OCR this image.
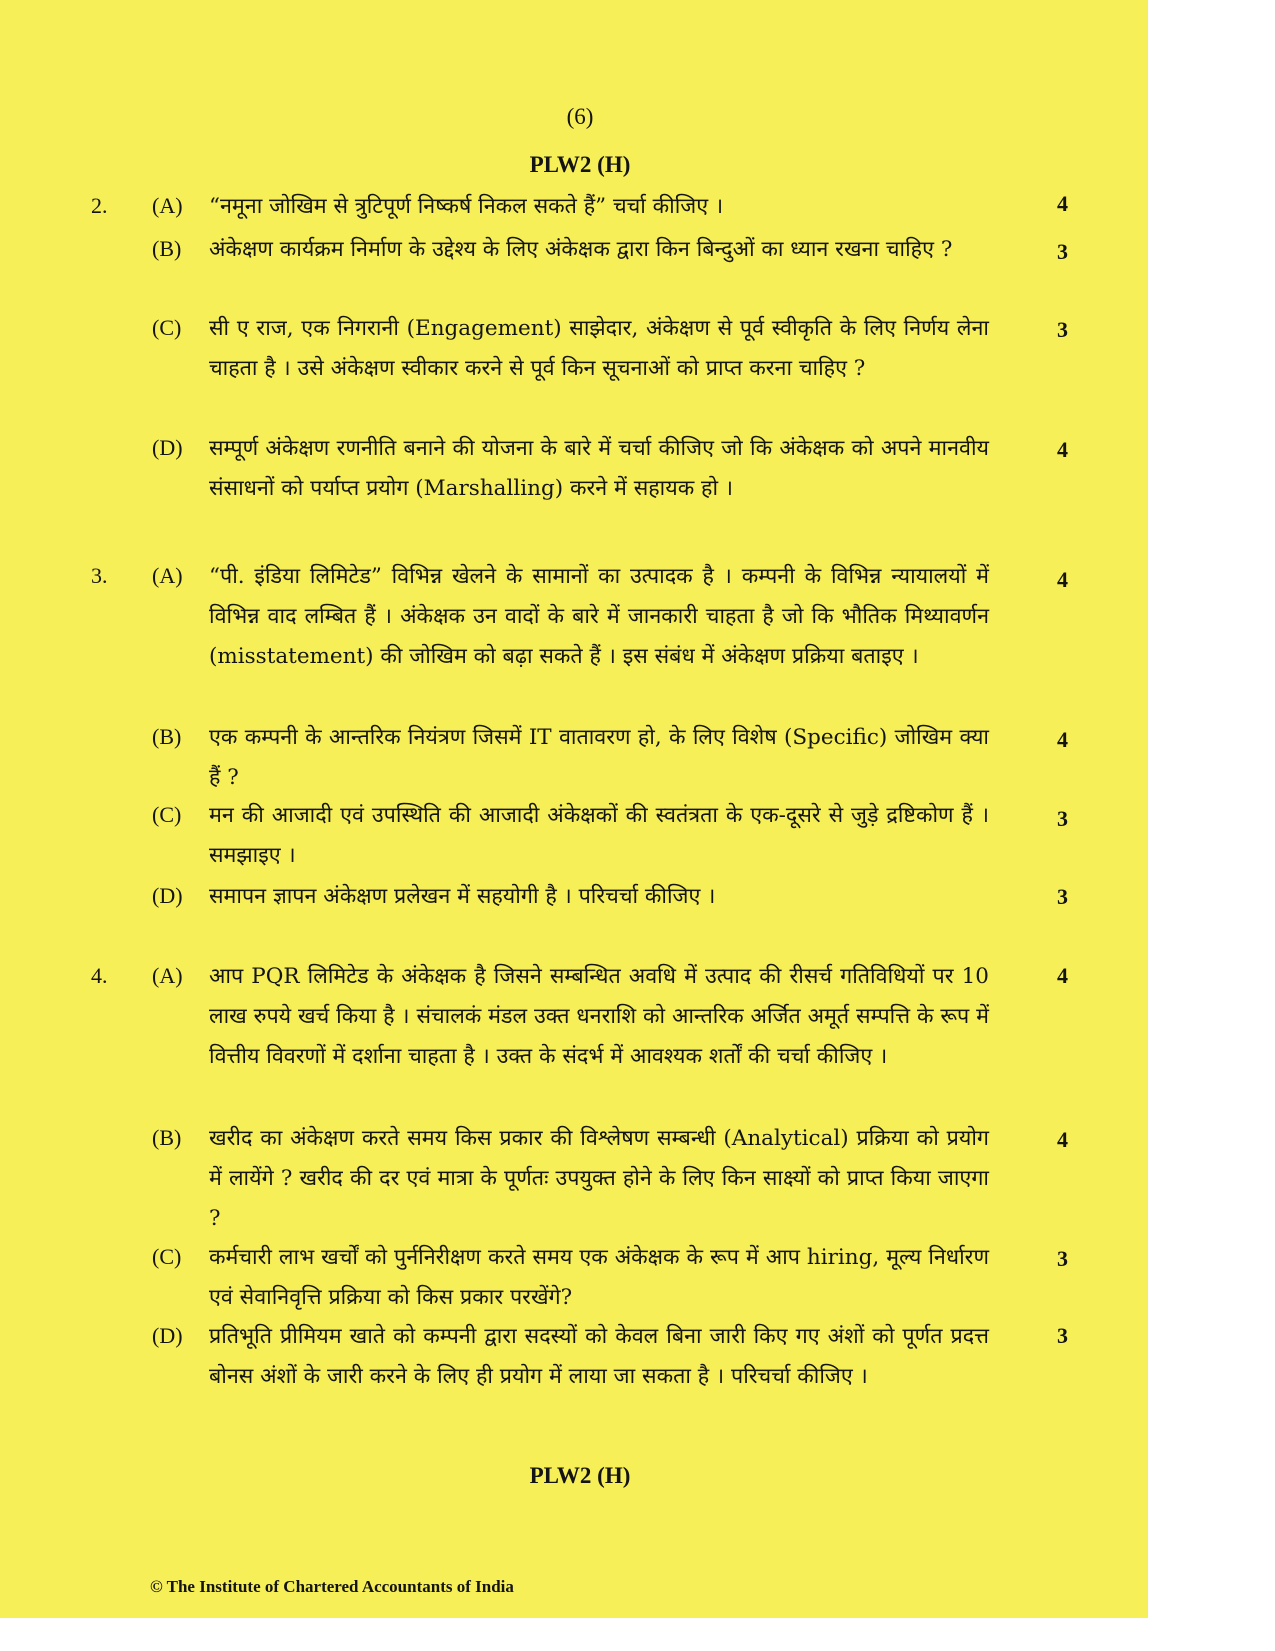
(6)
PLW2 (H)
2. (A) “नमूना जोखिम से त्रुटिपूर्ण निष्कर्ष निकल सकते हैं” चर्चा कीजिए ।	4
(B) अंकेक्षण कार्यक्रम निर्माण के उद्देश्य के लिए अंकेक्षक द्वारा किन बिन्दुओं का ध्यान रखना चाहिए ?	3
(C) सी ए राज, एक निगरानी (Engagement) साझेदार, अंकेक्षण से पूर्व स्वीकृति के लिए निर्णय लेना चाहता है । उसे अंकेक्षण स्वीकार करने से पूर्व किन सूचनाओं को प्राप्त करना चाहिए ?
3
(D) सम्पूर्ण अंकेक्षण रणनीति बनाने की योजना के बारे में चर्चा कीजिए जो कि अंकेक्षक को अपने मानवीय संसाधनों को पर्याप्त प्रयोग (Marshalling) करने में सहायक हो ।
4
3. (A) “पी. इंडिया लिमिटेड” विभिन्न खेलने के सामानों का उत्पादक है । कम्पनी के विभिन्न न्यायालयों में विभिन्न वाद लम्बित हैं । अंकेक्षक उन वादों के बारे में जानकारी चाहता है जो कि भौतिक मिथ्यावर्णन (misstatement) की जोखिम को बढ़ा सकते हैं । इस संबंध में अंकेक्षण प्रक्रिया बताइए ।
4
(B) एक कम्पनी के आन्तरिक नियंत्रण जिसमें IT वातावरण हो, के लिए विशेष (Specific) जोखिम क्या हैं ?
4
(C) मन की आजादी एवं उपस्थिति की आजादी अंकेक्षकों की स्वतंत्रता के एक-दूसरे से जुड़े द्रष्टिकोण हैं । समझाइए ।
3
(D) समापन ज्ञापन अंकेक्षण प्रलेखन में सहयोगी है । परिचर्चा कीजिए ।	3
4. (A) आप PQR लिमिटेड के अंकेक्षक है जिसने सम्बन्धित अवधि में उत्पाद की रीसर्च गतिविधियों पर 10 लाख रुपये खर्च किया है । संचालकं मंडल उक्त धनराशि को आन्तरिक अर्जित अमूर्त सम्पत्ति के रूप में वित्तीय विवरणों में दर्शाना चाहता है । उक्त के संदर्भ में आवश्यक शर्तों की चर्चा कीजिए ।
4
(B) खरीद का अंकेक्षण करते समय किस प्रकार की विश्लेषण सम्बन्धी (Analytical) प्रक्रिया को प्रयोग में लायेंगे ? खरीद की दर एवं मात्रा के पूर्णतः उपयुक्त होने के लिए किन साक्ष्यों को प्राप्त किया जाएगा ?
4
(C) कर्मचारी लाभ खर्चों को पुर्ननिरीक्षण करते समय एक अंकेक्षक के रूप में आप hiring, मूल्य निर्धारण एवं सेवानिवृत्ति प्रक्रिया को किस प्रकार परखेंगे?
3
(D) प्रतिभूति प्रीमियम खाते को कम्पनी द्वारा सदस्यों को केवल बिना जारी किए गए अंशों को पूर्णत प्रदत्त बोनस अंशों के जारी करने के लिए ही प्रयोग में लाया जा सकता है । परिचर्चा कीजिए ।
3
PLW2 (H)
© The Institute of Chartered Accountants of India
